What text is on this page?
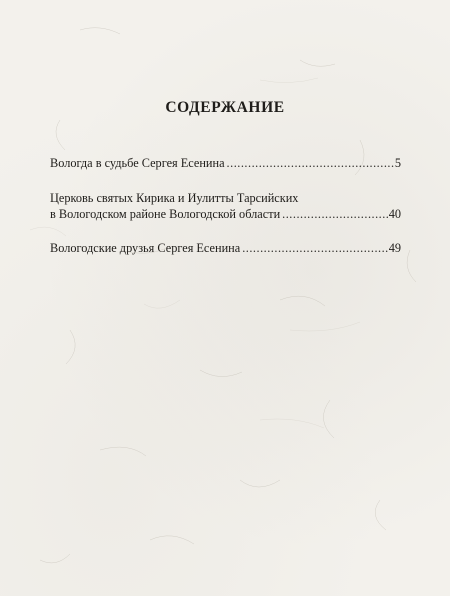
СОДЕРЖАНИЕ
Вологда в судьбе Сергея Есенина .....	5
Церковь святых Кирика и Иулитты Тарсийских
в Вологодском районе Вологодской области .....	40
Вологодские друзья Сергея Есенина .....	49
